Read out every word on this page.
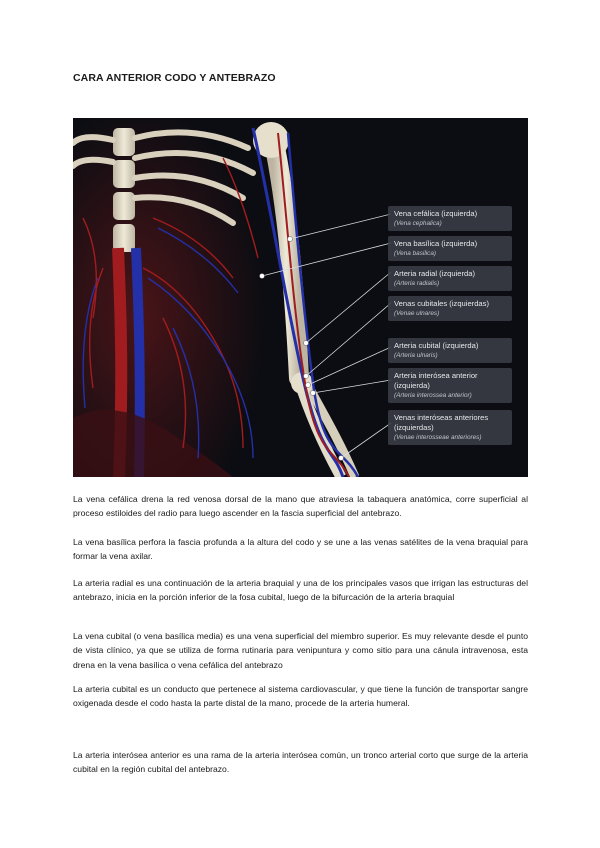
CARA ANTERIOR CODO Y ANTEBRAZO
Vena cefálica (izquierda)
(Vena cephalica)
Vena basílica (izquierda)
(Vena basilica)
Arteria radial (izquierda)
(Arteria radialis)
Venas cubitales (izquierdas)
(Venae ulnares)
Arteria cubital (izquierda)
(Arteria ulnaris)
Arteria interósea anterior (izquierda)
(Arteria interossea anterior)
Venas interóseas anteriores (izquierdas)
(Venae interosseae anteriores)

La vena cefálica drena la red venosa dorsal de la mano que atraviesa la tabaquera anatómica, corre superficial al proceso estiloides del radio para luego ascender en la fascia superficial del antebrazo.

La vena basílica perfora la fascia profunda a la altura del codo y se une a las venas satélites de la vena braquial para formar la vena axilar.

La arteria radial es una continuación de la arteria braquial y una de los principales vasos que irrigan las estructuras del antebrazo, inicia en la porción inferior de la fosa cubital, luego de la bifurcación de la arteria braquial

La vena cubital (o vena basílica media) es una vena superficial del miembro superior. Es muy relevante desde el punto de vista clínico, ya que se utiliza de forma rutinaria para venipuntura y como sitio para una cánula intravenosa, esta drena en la vena basílica o vena cefálica del antebrazo

La arteria cubital es un conducto que pertenece al sistema cardiovascular, y que tiene la función de transportar sangre oxigenada desde el codo hasta la parte distal de la mano, procede de la arteria humeral.

La arteria interósea anterior es una rama de la arteria interósea común, un tronco arterial corto que surge de la arteria cubital en la región cubital del antebrazo.
